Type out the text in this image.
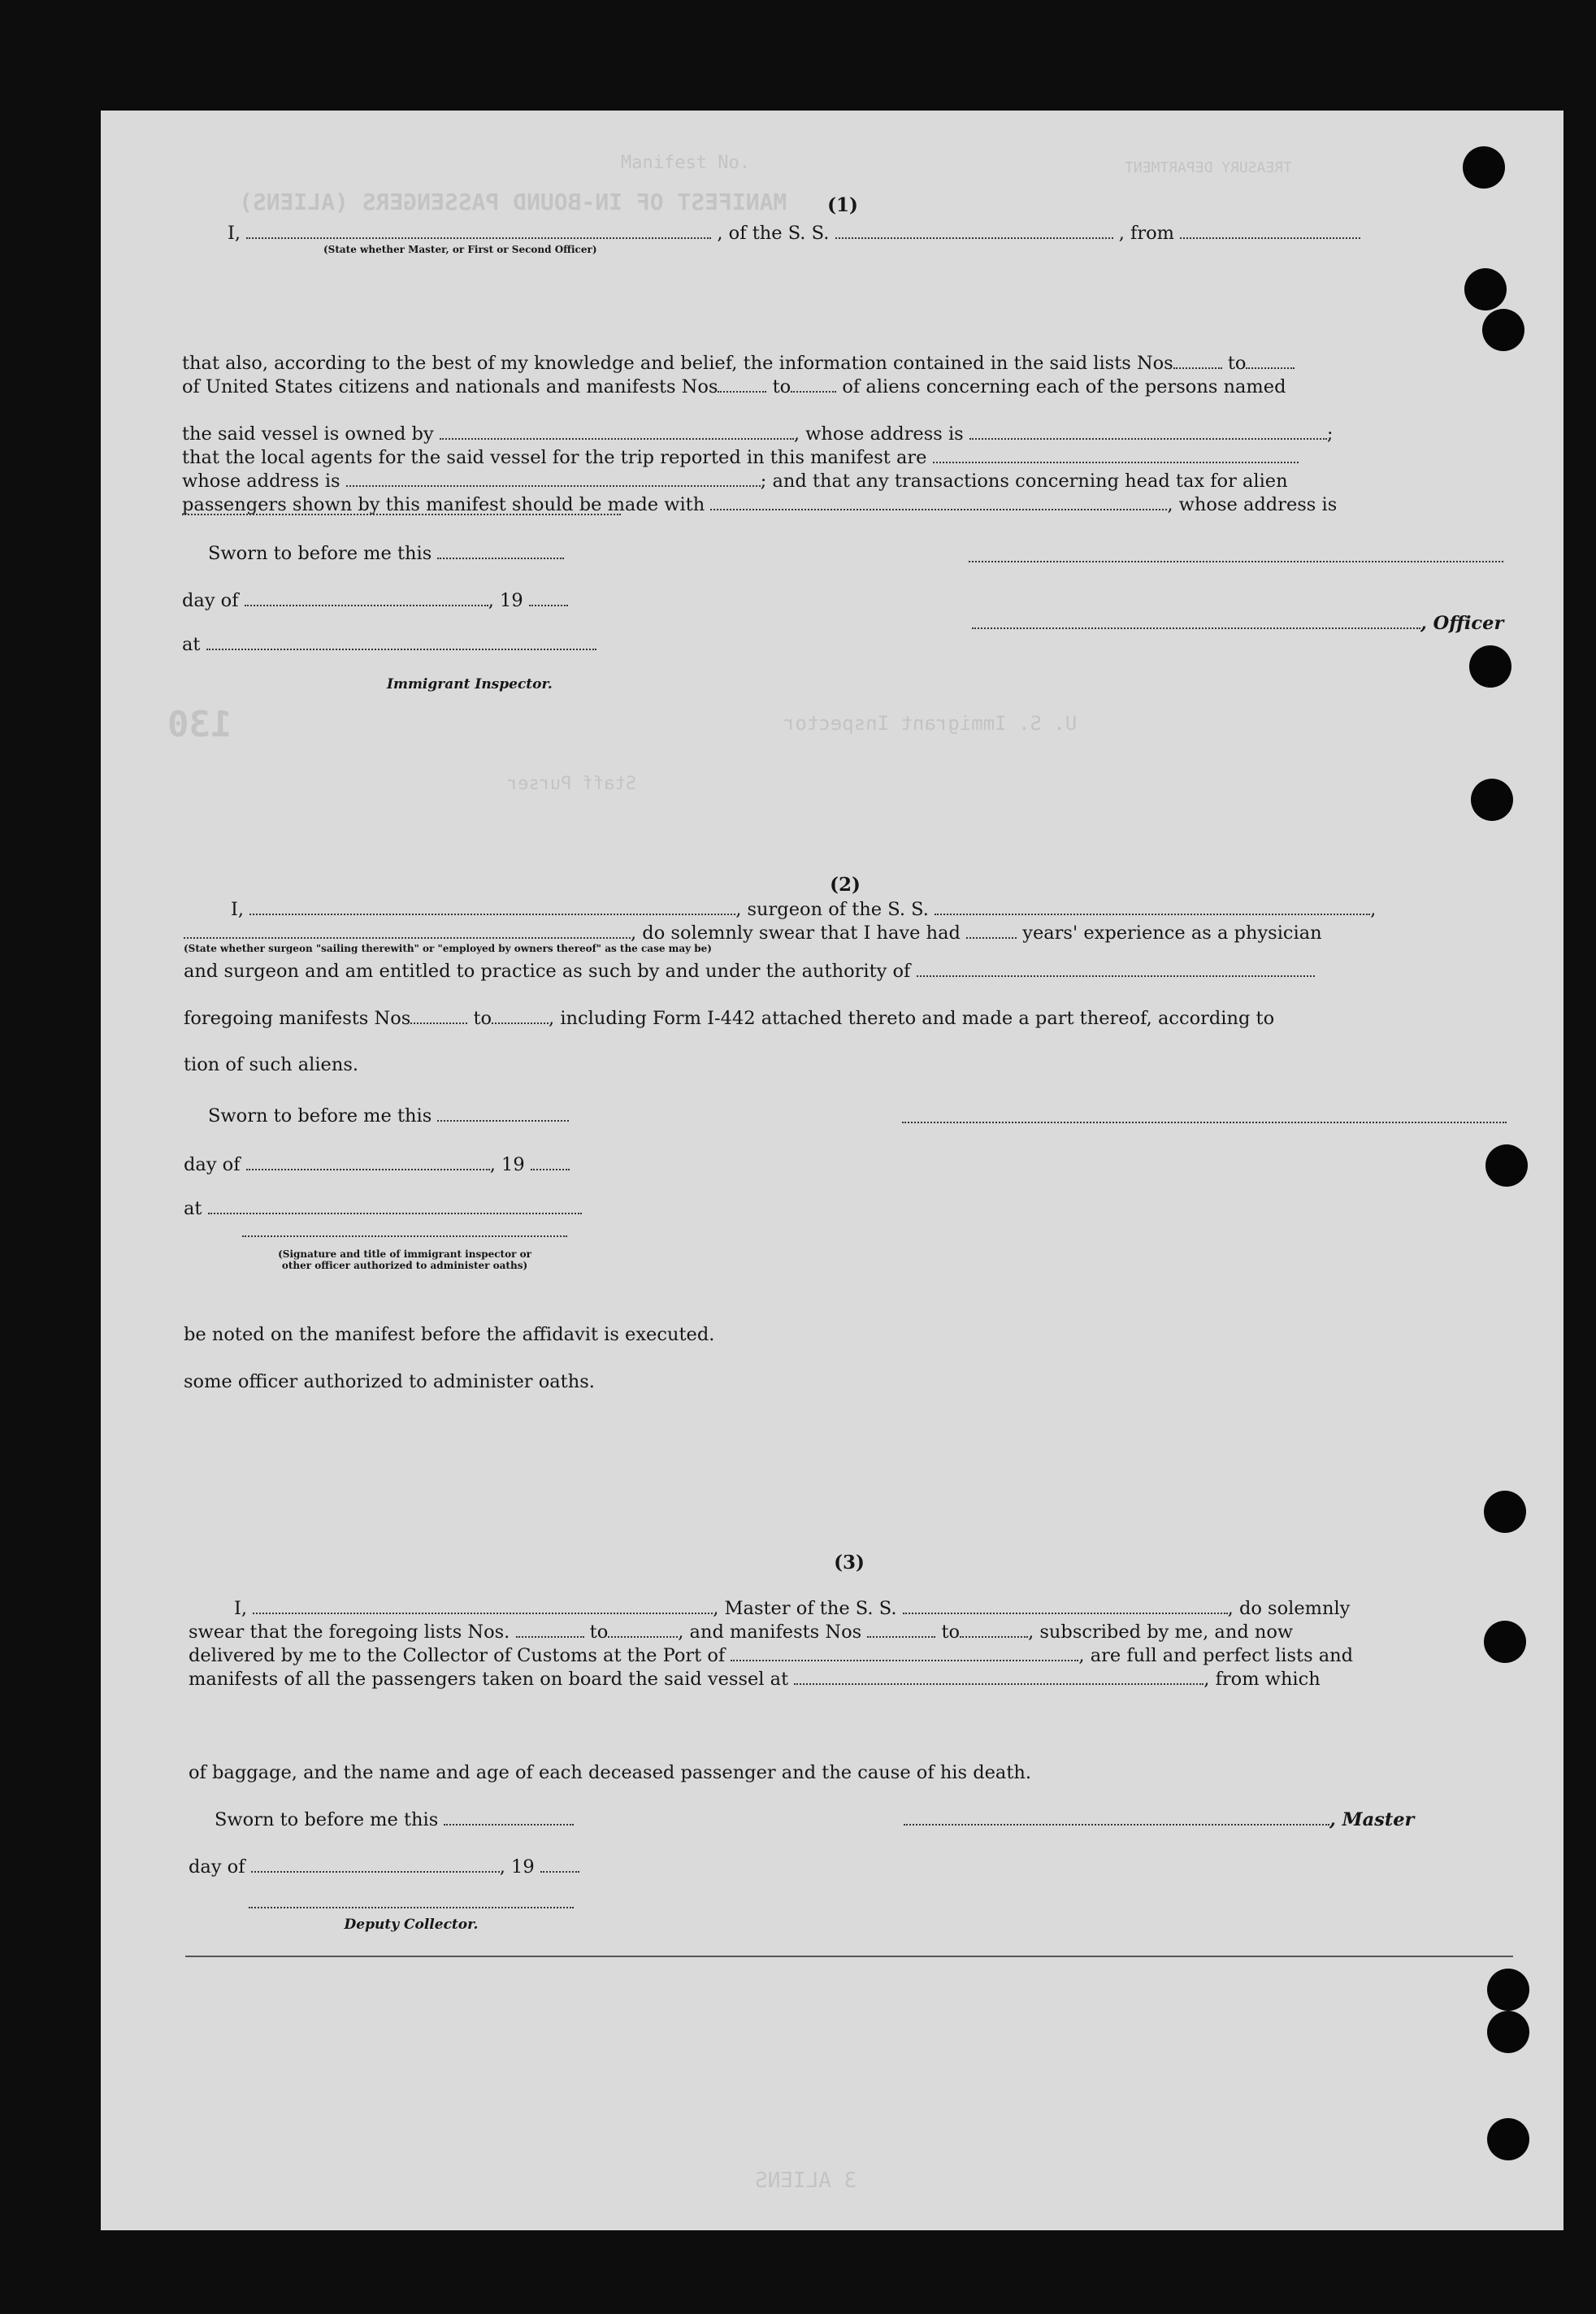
Manifest No.
MANIFEST OF IN-BOUND PASSENGERS (ALIENS)
TREASURY DEPARTMENT
130	U. S. Immigrant Inspector
Staff Purser
3 ALIENS
(1)
I,	, of the S. S.	, from
(State whether Master, or First or Second Officer)
that also, according to the best of my knowledge and belief, the information contained in the said lists Nos	to
of United States citizens and nationals and manifests Nos	to	of aliens concerning each of the persons named
the said vessel is owned by	, whose address is	;
that the local agents for the said vessel for the trip reported in this manifest are
whose address is	; and that any transactions concerning head tax for alien
passengers shown by this manifest should be made with	, whose address is
Sworn to before me this
day of	, 19
at
, Officer
Immigrant Inspector.
(2)
I,	, surgeon of the S. S.	,
, do solemnly swear that I have had	years' experience as a physician
(State whether surgeon "sailing therewith" or "employed by owners thereof" as the case may be)
and surgeon and am entitled to practice as such by and under the authority of
foregoing manifests Nos	to	, including Form I-442 attached thereto and made a part thereof, according to
tion of such aliens.
Sworn to before me this
day of	, 19
at
(Signature and title of immigrant inspector or
other officer authorized to administer oaths)
be noted on the manifest before the affidavit is executed.
some officer authorized to administer oaths.
(3)
I,	, Master of the S. S.	, do solemnly
swear that the foregoing lists Nos.	to	, and manifests Nos	to	, subscribed by me, and now
delivered by me to the Collector of Customs at the Port of	, are full and perfect lists and
manifests of all the passengers taken on board the said vessel at	, from which
of baggage, and the name and age of each deceased passenger and the cause of his death.
Sworn to before me this	, Master
day of	, 19
Deputy Collector.
